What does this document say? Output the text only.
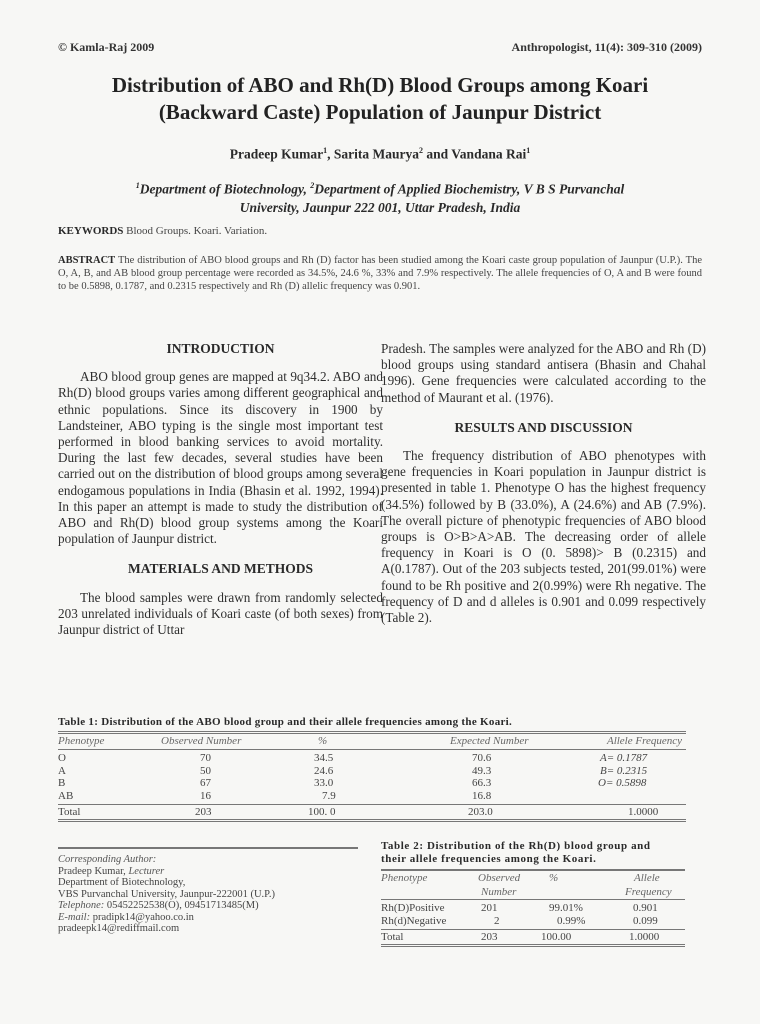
© Kamla-Raj 2009	Anthropologist, 11(4): 309-310 (2009)
Distribution of ABO and Rh(D) Blood Groups among Koari
(Backward Caste) Population of Jaunpur District
Pradeep Kumar$^1$, Sarita Maurya$^2$ and Vandana Rai$^1$
$^1$Department of Biotechnology, $^2$Department of Applied Biochemistry, V B S Purvanchal
University, Jaunpur 222 001, Uttar Pradesh, India
KEYWORDS Blood Groups. Koari. Variation.
ABSTRACT The distribution of ABO blood groups and Rh (D) factor has been studied among the Koari caste group population of Jaunpur (U.P.). The O, A, B, and AB blood group percentage were recorded as 34.5%, 24.6 %, 33% and 7.9% respectively. The allele frequencies of O, A and B were found to be 0.5898, 0.1787, and 0.2315 respectively and Rh (D) allelic frequency was 0.901.
INTRODUCTION

ABO blood group genes are mapped at 9q34.2. ABO and Rh(D) blood groups varies among different geographical and ethnic populations. Since its discovery in 1900 by Landsteiner, ABO typing is the single most important test performed in blood banking services to avoid mortality. During the last few decades, several studies have been carried out on the distribution of blood groups among several endogamous populations in India (Bhasin et al. 1992, 1994). In this paper an attempt is made to study the distribution of ABO and Rh(D) blood group systems among the Koari population of Jaunpur district.

MATERIALS AND METHODS

The blood samples were drawn from randomly selected 203 unrelated individuals of Koari caste (of both sexes) from Jaunpur district of Uttar

Pradesh. The samples were analyzed for the ABO and Rh (D) blood groups using standard antisera (Bhasin and Chahal 1996). Gene frequencies were calculated according to the method of Maurant et al. (1976).

RESULTS AND DISCUSSION

The frequency distribution of ABO phenotypes with gene frequencies in Koari population in Jaunpur district is presented in table 1. Phenotype O has the highest frequency (34.5%) followed by B (33.0%), A (24.6%) and AB (7.9%). The overall picture of phenotypic frequencies of ABO blood groups is O>B>A>AB. The decreasing order of allele frequency in Koari is O (0. 5898)> B (0.2315) and A(0.1787). Out of the 203 subjects tested, 201(99.01%) were found to be Rh positive and 2(0.99%) were Rh negative. The frequency of D and d alleles is 0.901 and 0.099 respectively (Table 2).

Table 1: Distribution of the ABO blood group and their allele frequencies among the Koari.
Phenotype	Observed Number	%	Expected Number	Allele Frequency
O	70	34.5	70.6	A= 0.1787
A	50	24.6	49.3	B= 0.2315
B	67	33.0	66.3	O= 0.5898
AB	16	7.9	16.8
Total	203	100. 0	203.0	1.0000
Corresponding Author:
Pradeep Kumar, Lecturer
Department of Biotechnology,
VBS Purvanchal University, Jaunpur-222001 (U.P.)
Telephone: 05452252538(O), 09451713485(M)
E-mail: pradipk14@yahoo.co.in
pradeepk14@rediffmail.com
Table 2: Distribution of the Rh(D) blood group and
their allele frequencies among the Koari.
Phenotype	Observed	%	Allele
Number	Frequency
Rh(D)Positive	201	99.01%	0.901
Rh(d)Negative	2	0.99%	0.099
Total	203	100.00	1.0000
